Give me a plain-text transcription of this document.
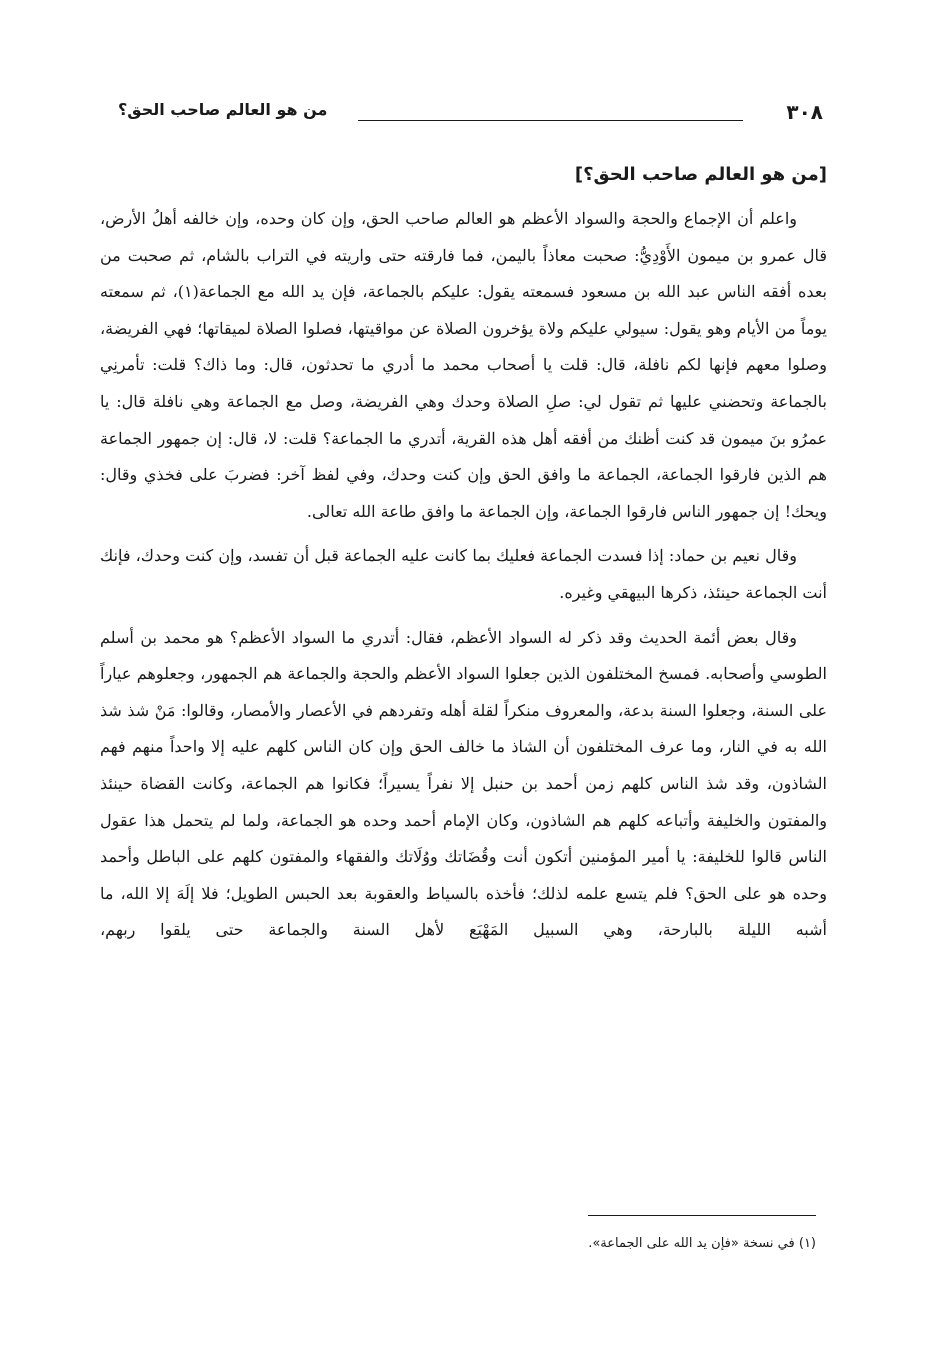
٣٠٨
من هو العالم صاحب الحق؟
[من هو العالم صاحب الحق؟]

واعلم أن الإجماع والحجة والسواد الأعظم هو العالم صاحب الحق، وإن كان وحده، وإن خالفه أهلُ الأرض، قال عمرو بن ميمون الأَوْدِيُّ: صحبت معاذاً باليمن، فما فارقته حتى واريته في التراب بالشام، ثم صحبت من بعده أفقه الناس عبد الله بن مسعود فسمعته يقول: عليكم بالجماعة، فإن يد الله مع الجماعة(١)، ثم سمعته يوماً من الأيام وهو يقول: سيولي عليكم ولاة يؤخرون الصلاة عن مواقيتها، فصلوا الصلاة لميقاتها؛ فهي الفريضة، وصلوا معهم فإنها لكم نافلة، قال: قلت يا أصحاب محمد ما أدري ما تحدثون، قال: وما ذاك؟ قلت: تأمرنِي بالجماعة وتحضني عليها ثم تقول لي: صلِ الصلاة وحدك وهي الفريضة، وصل مع الجماعة وهي نافلة قال: يا عمرُو بنَ ميمون قد كنت أظنك من أفقه أهل هذه القرية، أتدري ما الجماعة؟ قلت: لا، قال: إن جمهور الجماعة هم الذين فارقوا الجماعة، الجماعة ما وافق الحق وإن كنت وحدك، وفي لفظ آخر: فضربَ على فخذي وقال: ويحك! إن جمهور الناس فارقوا الجماعة، وإن الجماعة ما وافق طاعة الله تعالى.

وقال نعيم بن حماد: إذا فسدت الجماعة فعليك بما كانت عليه الجماعة قبل أن تفسد، وإن كنت وحدك، فإنك أنت الجماعة حينئذ، ذكرها البيهقي وغيره.

وقال بعض أئمة الحديث وقد ذكر له السواد الأعظم، فقال: أتدري ما السواد الأعظم؟ هو محمد بن أسلم الطوسي وأصحابه. فمسخ المختلفون الذين جعلوا السواد الأعظم والحجة والجماعة هم الجمهور، وجعلوهم عياراً على السنة، وجعلوا السنة بدعة، والمعروف منكراً لقلة أهله وتفردهم في الأعصار والأمصار، وقالوا: مَنْ شذ شذ الله به في النار، وما عرف المختلفون أن الشاذ ما خالف الحق وإن كان الناس كلهم عليه إلا واحداً منهم فهم الشاذون، وقد شذ الناس كلهم زمن أحمد بن حنبل إلا نفراً يسيراً؛ فكانوا هم الجماعة، وكانت القضاة حينئذ والمفتون والخليفة وأتباعه كلهم هم الشاذون، وكان الإمام أحمد وحده هو الجماعة، ولما لم يتحمل هذا عقول الناس قالوا للخليفة: يا أمير المؤمنين أتكون أنت وقُضَاتك ووُلَاتك والفقهاء والمفتون كلهم على الباطل وأحمد وحده هو على الحق؟ فلم يتسع علمه لذلك؛ فأخذه بالسياط والعقوبة بعد الحبس الطويل؛ فلا إلَهَ إلا الله، ما أشبه الليلة بالبارحة، وهي السبيل المَهْيَع لأهل السنة والجماعة حتى يلقوا ربهم،

(١) في نسخة «فإن يد الله على الجماعة».
